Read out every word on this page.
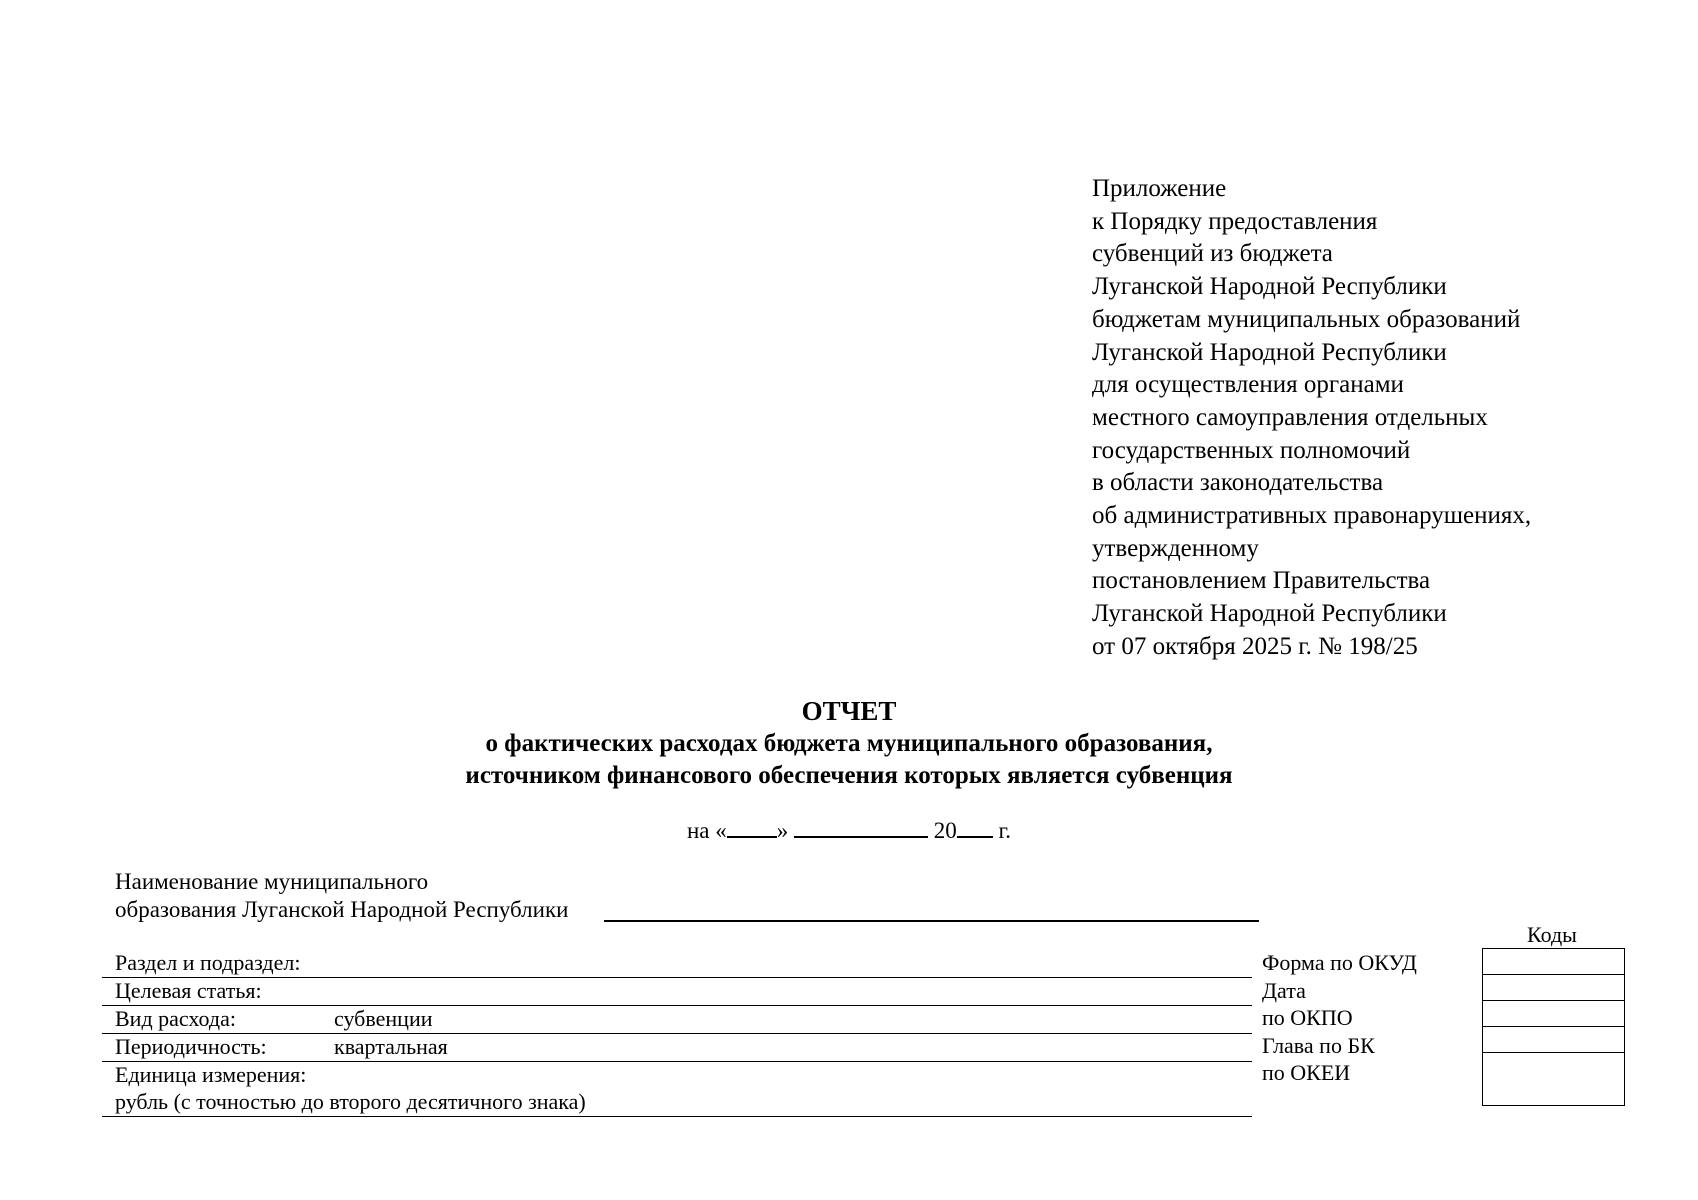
Приложение
к Порядку предоставления
субвенций из бюджета
Луганской Народной Республики
бюджетам муниципальных образований
Луганской Народной Республики
для осуществления органами
местного самоуправления отдельных
государственных полномочий
в области законодательства
об административных правонарушениях,
утвержденному
постановлением Правительства
Луганской Народной Республики
от 07 октября 2025 г. № 198/25
ОТЧЕТ
о фактических расходах бюджета муниципального образования,
источником финансового обеспечения которых является субвенция
на « »	20 г.
Наименование муниципального
образования Луганской Народной Республики
Раздел и подраздел:
Целевая статья:
Вид расхода:	субвенции
Периодичность:	квартальная
Единица измерения:
рубль (с точностью до второго десятичного знака)
Форма по ОКУД
Дата
по ОКПО
Глава по БК
по ОКЕИ
Коды
